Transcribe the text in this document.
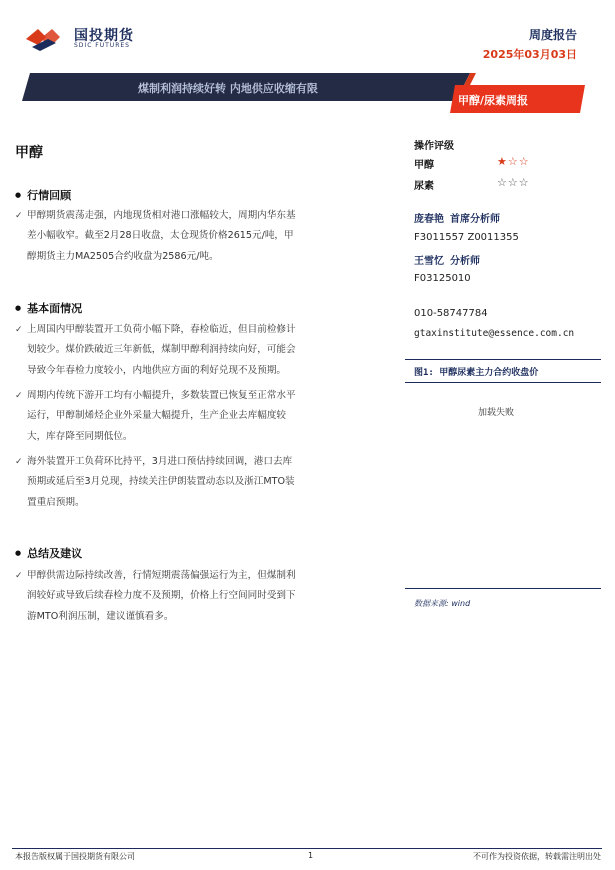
国投期货
SDIC FUTURES
周度报告
2025年03月03日
煤制利润持续好转 内地供应收缩有限
甲醇/尿素周报
甲醇
● 行情回顾
✓ 甲醇期货震荡走强，内地现货相对港口涨幅较大，周期内华东基
差小幅收窄。截至2月28日收盘，太仓现货价格2615元/吨，甲
醇期货主力MA2505合约收盘为2586元/吨。
● 基本面情况
✓ 上周国内甲醇装置开工负荷小幅下降，春检临近，但目前检修计
划较少。煤价跌破近三年新低，煤制甲醇利润持续向好，可能会
导致今年春检力度较小，内地供应方面的利好兑现不及预期。
✓ 周期内传统下游开工均有小幅提升，多数装置已恢复至正常水平
运行，甲醇制烯烃企业外采量大幅提升，生产企业去库幅度较
大，库存降至同期低位。
✓ 海外装置开工负荷环比持平，3月进口预估持续回调，港口去库
预期或延后至3月兑现，持续关注伊朗装置动态以及浙江MTO装
置重启预期。
● 总结及建议
✓ 甲醇供需边际持续改善，行情短期震荡偏强运行为主，但煤制利
润较好或导致后续春检力度不及预期，价格上行空间同时受到下
游MTO利润压制，建议谨慎看多。
操作评级
甲醇	★☆☆
尿素	☆☆☆
庞春艳 首席分析师
F3011557 Z0011355
王雪忆 分析师
F03125010
010-58747784
gtaxinstitute@essence.com.cn
图1: 甲醇尿素主力合约收盘价
加载失败
数据来源: wind
本报告版权属于国投期货有限公司	1	不可作为投资依据，转载需注明出处
